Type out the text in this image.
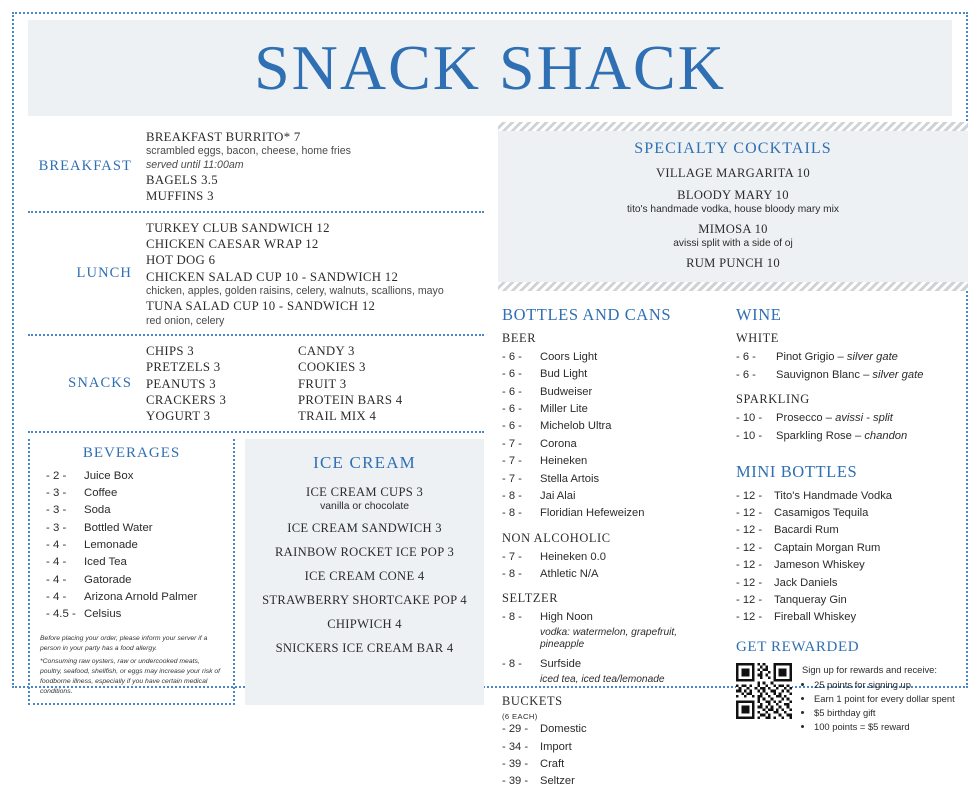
SNACK SHACK
BREAKFAST
BREAKFAST BURRITO* 7
scrambled eggs, bacon, cheese, home fries
served until 11:00am
BAGELS 3.5
MUFFINS 3
LUNCH
TURKEY CLUB SANDWICH 12
CHICKEN CAESAR WRAP 12
HOT DOG 6
CHICKEN SALAD CUP 10 - SANDWICH 12
chicken, apples, golden raisins, celery, walnuts, scallions, mayo
TUNA SALAD CUP 10 - SANDWICH 12
red onion, celery
SNACKS
CHIPS 3
PRETZELS 3
PEANUTS 3
CRACKERS 3
YOGURT 3
CANDY 3
COOKIES 3
FRUIT 3
PROTEIN BARS 4
TRAIL MIX 4
BEVERAGES
- 2 -	Juice Box
- 3 -	Coffee
- 3 -	Soda
- 3 -	Bottled Water
- 4 -	Lemonade
- 4 -	Iced Tea
- 4 -	Gatorade
- 4 -	Arizona Arnold Palmer
- 4.5 - Celsius
Before placing your order, please inform your server if a person in your party has a food allergy.
*Consuming raw oysters, raw or undercooked meats, poultry, seafood, shellfish, or eggs may increase your risk of foodborne illness, especially if you have certain medical conditions.
ICE CREAM
ICE CREAM CUPS 3
vanilla or chocolate
ICE CREAM SANDWICH 3
RAINBOW ROCKET ICE POP 3
ICE CREAM CONE 4
STRAWBERRY SHORTCAKE POP 4
CHIPWICH 4
SNICKERS ICE CREAM BAR 4
SPECIALTY COCKTAILS
VILLAGE MARGARITA 10
BLOODY MARY 10
tito's handmade vodka, house bloody mary mix
MIMOSA 10
avissi split with a side of oj
RUM PUNCH 10
BOTTLES AND CANS
BEER
- 6 -	Coors Light
- 6 -	Bud Light
- 6 -	Budweiser
- 6 -	Miller Lite
- 6 -	Michelob Ultra
- 7 -	Corona
- 7 -	Heineken
- 7 -	Stella Artois
- 8 -	Jai Alai
- 8 -	Floridian Hefeweizen
NON ALCOHOLIC
- 7 -	Heineken 0.0
- 8 -	Athletic N/A
SELTZER
- 8 -	High Noon
vodka: watermelon, grapefruit, pineapple
- 8 -	Surfside
iced tea, iced tea/lemonade
BUCKETS
(6 EACH)
- 29 -	Domestic
- 34 -	Import
- 39 -	Craft
- 39 -	Seltzer
WINE
WHITE
- 6 -	Pinot Grigio – silver gate
- 6 -	Sauvignon Blanc – silver gate
SPARKLING
- 10 -	Prosecco – avissi - split
- 10 -	Sparkling Rose – chandon
MINI BOTTLES
- 12 -	Tito's Handmade Vodka
- 12 -	Casamigos Tequila
- 12 -	Bacardi Rum
- 12 -	Captain Morgan Rum
- 12 -	Jameson Whiskey
- 12 -	Jack Daniels
- 12 -	Tanqueray Gin
- 12 -	Fireball Whiskey
GET REWARDED
Sign up for rewards and receive:
• 25 points for signing up
• Earn 1 point for every dollar spent
• $5 birthday gift
• 100 points = $5 reward
